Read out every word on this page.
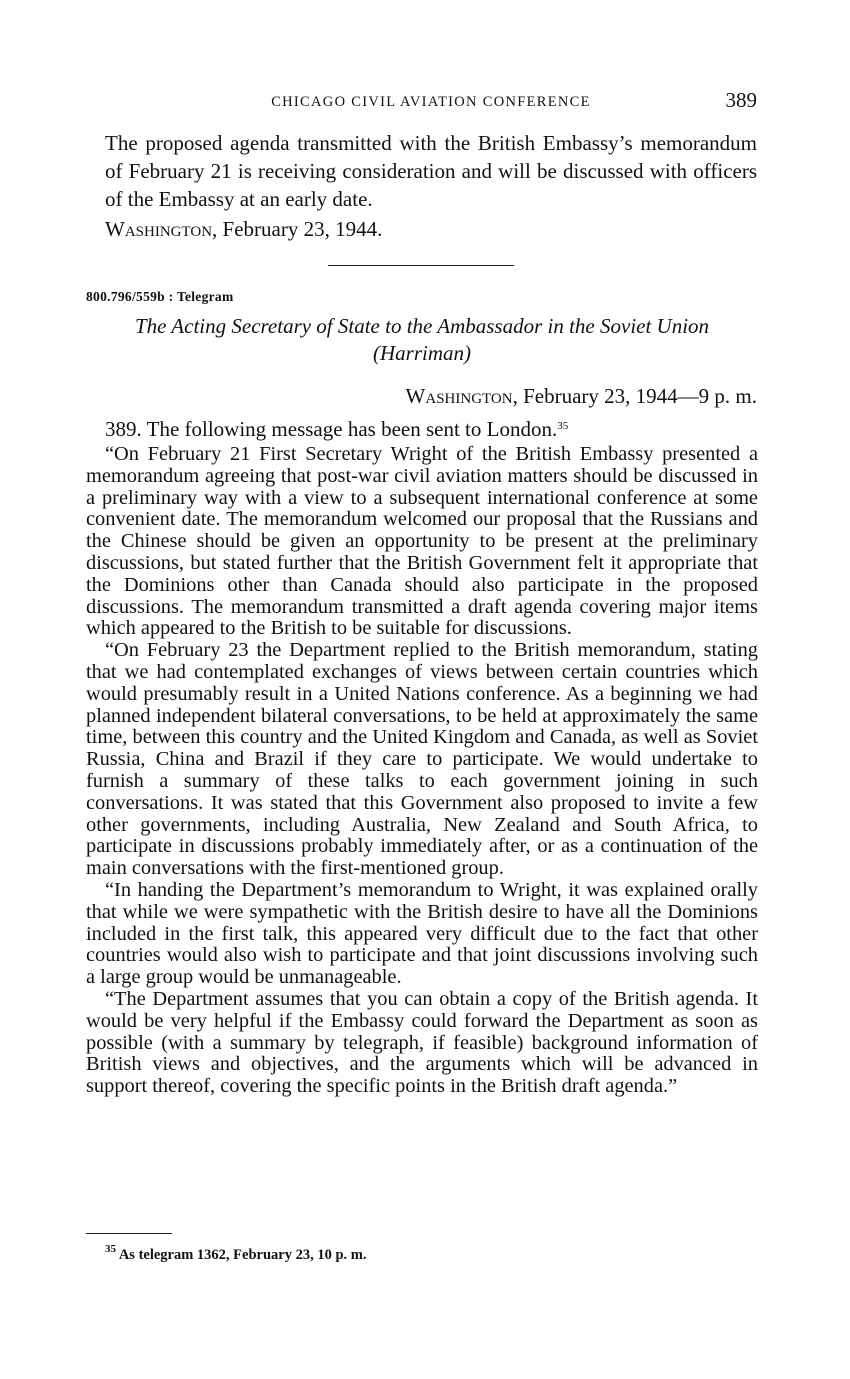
CHICAGO CIVIL AVIATION CONFERENCE	389
The proposed agenda transmitted with the British Embassy’s memorandum of February 21 is receiving consideration and will be discussed with officers of the Embassy at an early date.
Washington, February 23, 1944.
800.796/559b : Telegram
The Acting Secretary of State to the Ambassador in the Soviet Union (Harriman)
Washington, February 23, 1944—9 p. m.
389. The following message has been sent to London.$^{35}$

“On February 21 First Secretary Wright of the British Embassy presented a memorandum agreeing that post-war civil aviation matters should be discussed in a preliminary way with a view to a subsequent international conference at some convenient date. The memorandum welcomed our proposal that the Russians and the Chinese should be given an opportunity to be present at the preliminary discussions, but stated further that the British Government felt it appropriate that the Dominions other than Canada should also participate in the proposed discussions. The memorandum transmitted a draft agenda covering major items which appeared to the British to be suitable for discussions.

“On February 23 the Department replied to the British memorandum, stating that we had contemplated exchanges of views between certain countries which would presumably result in a United Nations conference. As a beginning we had planned independent bilateral conversations, to be held at approximately the same time, between this country and the United Kingdom and Canada, as well as Soviet Russia, China and Brazil if they care to participate. We would undertake to furnish a summary of these talks to each government joining in such conversations. It was stated that this Government also proposed to invite a few other governments, including Australia, New Zealand and South Africa, to participate in discussions probably immediately after, or as a continuation of the main conversations with the first-mentioned group.

“In handing the Department’s memorandum to Wright, it was explained orally that while we were sympathetic with the British desire to have all the Dominions included in the first talk, this appeared very difficult due to the fact that other countries would also wish to participate and that joint discussions involving such a large group would be unmanageable.

“The Department assumes that you can obtain a copy of the British agenda. It would be very helpful if the Embassy could forward the Department as soon as possible (with a summary by telegraph, if feasible) background information of British views and objectives, and the arguments which will be advanced in support thereof, covering the specific points in the British draft agenda.”

$^{35}$ As telegram 1362, February 23, 10 p. m.
